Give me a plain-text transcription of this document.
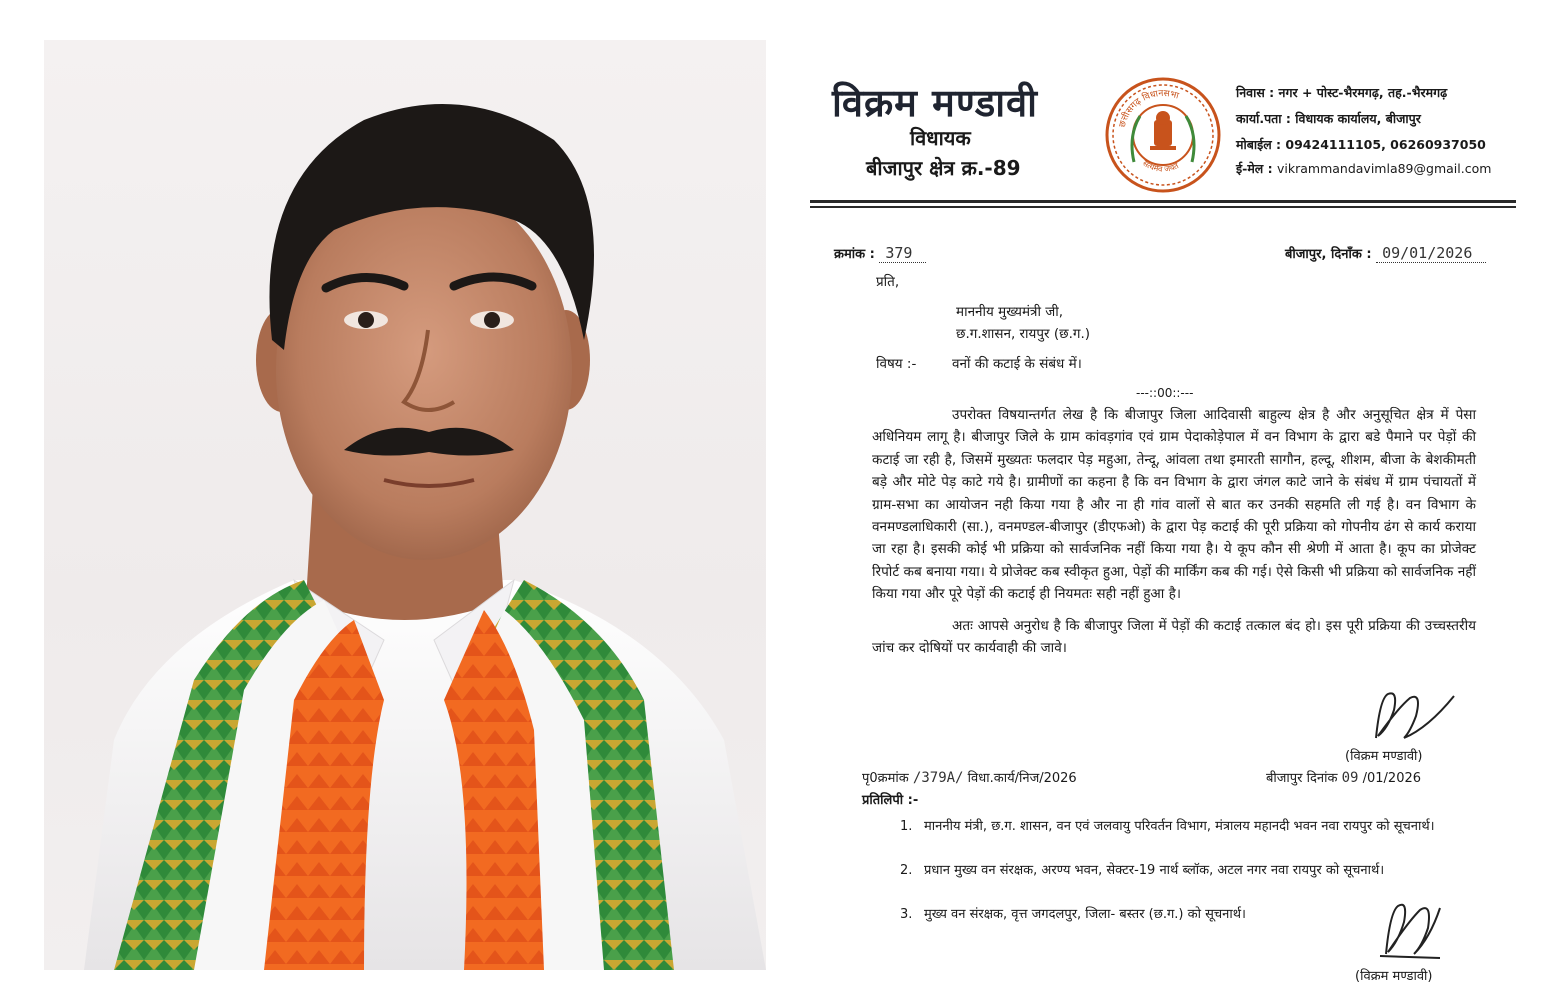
विक्रम मण्डावी
विधायक
बीजापुर क्षेत्र क्र.-89
छत्तीसगढ़ विधानसभा
सत्यमेव जयते
निवास : नगर + पोस्ट-भैरमगढ़, तह.-भैरमगढ़
कार्या.पता : विधायक कार्यालय, बीजापुर
मोबाईल : 09424111105, 06260937050
ई-मेल : vikrammandavimla89@gmail.com
क्रमांक : 379	बीजापुर, दिनाँक : 09/01/2026
प्रति,
माननीय मुख्यमंत्री जी,
छ.ग.शासन, रायपुर (छ.ग.)
विषय :-	वनों की कटाई के संबंध में।
---::00::---

उपरोक्त विषयान्तर्गत लेख है कि बीजापुर जिला आदिवासी बाहुल्य क्षेत्र है और अनुसूचित क्षेत्र में पेसा अधिनियम लागू है। बीजापुर जिले के ग्राम कांवड़गांव एवं ग्राम पेदाकोड़ेपाल में वन विभाग के द्वारा बडे पैमाने पर पेड़ों की कटाई जा रही है, जिसमें मुख्यतः फलदार पेड़ महुआ, तेन्दू, आंवला तथा इमारती सागौन, हल्दू, शीशम, बीजा के बेशकीमती बड़े और मोटे पेड़ काटे गये है। ग्रामीणों का कहना है कि वन विभाग के द्वारा जंगल काटे जाने के संबंध में ग्राम पंचायतों में ग्राम-सभा का आयोजन नही किया गया है और ना ही गांव वालों से बात कर उनकी सहमति ली गई है। वन विभाग के वनमण्डलाधिकारी (सा.), वनमण्डल-बीजापुर (डीएफओ) के द्वारा पेड़ कटाई की पूरी प्रक्रिया को गोपनीय ढंग से कार्य कराया जा रहा है। इसकी कोई भी प्रक्रिया को सार्वजनिक नहीं किया गया है। ये कूप कौन सी श्रेणी में आता है। कूप का प्रोजेक्ट रिपोर्ट कब बनाया गया। ये प्रोजेक्ट कब स्वीकृत हुआ, पेड़ों की मार्किंग कब की गई। ऐसे किसी भी प्रक्रिया को सार्वजनिक नहीं किया गया और पूरे पेड़ों की कटाई ही नियमतः सही नहीं हुआ है।

अतः आपसे अनुरोध है कि बीजापुर जिला में पेड़ों की कटाई तत्काल बंद हो। इस पूरी प्रक्रिया की उच्चस्तरीय जांच कर दोषियों पर कार्यवाही की जावे।

(विक्रम मण्डावी)
पृ0क्रमांक /379A/ विधा.कार्य/निज/2026	बीजापुर दिनांक 09 /01/2026
प्रतिलिपी :-
1. माननीय मंत्री, छ.ग. शासन, वन एवं जलवायु परिवर्तन विभाग, मंत्रालय महानदी भवन नवा रायपुर को सूचनार्थ।
2. प्रधान मुख्य वन संरक्षक, अरण्य भवन, सेक्टर-19 नार्थ ब्लॉक, अटल नगर नवा रायपुर को सूचनार्थ।
3. मुख्य वन संरक्षक, वृत्त जगदलपुर, जिला- बस्तर (छ.ग.) को सूचनार्थ।
(विक्रम मण्डावी)
